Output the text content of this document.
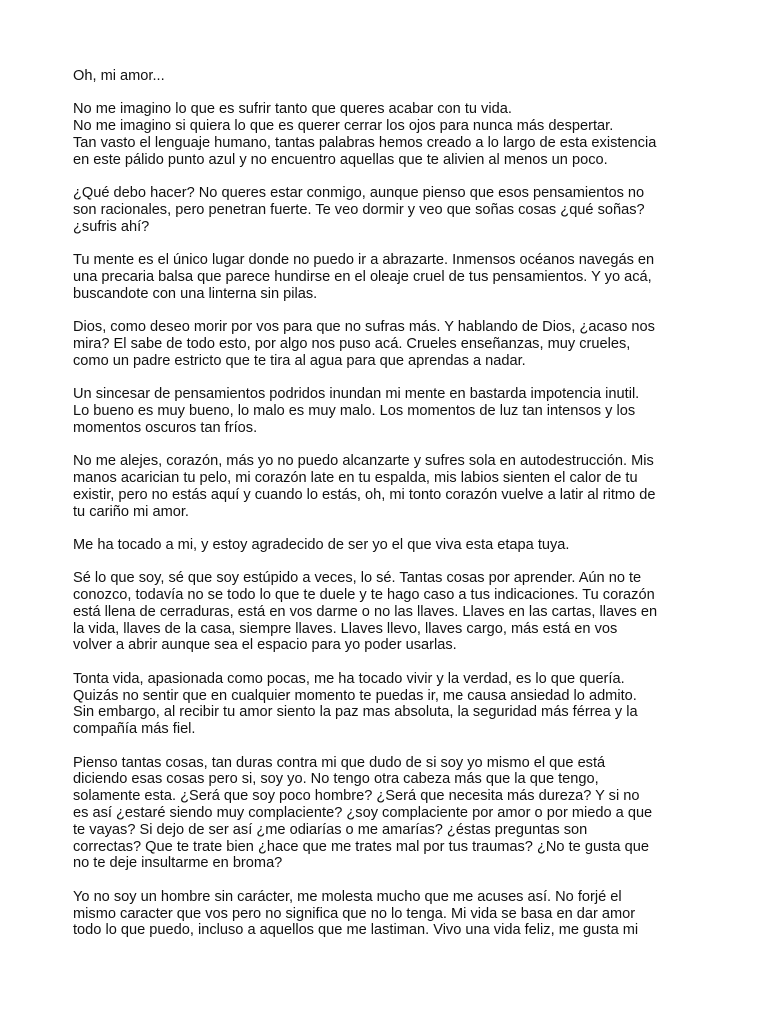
Oh, mi amor...
No me imagino lo que es sufrir tanto que queres acabar con tu vida.
No me imagino si quiera lo que es querer cerrar los ojos para nunca más despertar.
Tan vasto el lenguaje humano, tantas palabras hemos creado a lo largo de esta existencia
en este pálido punto azul y no encuentro aquellas que te alivien al menos un poco.
¿Qué debo hacer? No queres estar conmigo, aunque pienso que esos pensamientos no
son racionales, pero penetran fuerte. Te veo dormir y veo que soñas cosas ¿qué soñas?
¿sufris ahí?
Tu mente es el único lugar donde no puedo ir a abrazarte. Inmensos océanos navegás en
una precaria balsa que parece hundirse en el oleaje cruel de tus pensamientos. Y yo acá,
buscandote con una linterna sin pilas.
Dios, como deseo morir por vos para que no sufras más. Y hablando de Dios, ¿acaso nos
mira? El sabe de todo esto, por algo nos puso acá. Crueles enseñanzas, muy crueles,
como un padre estricto que te tira al agua para que aprendas a nadar.
Un sincesar de pensamientos podridos inundan mi mente en bastarda impotencia inutil.
Lo bueno es muy bueno, lo malo es muy malo. Los momentos de luz tan intensos y los
momentos oscuros tan fríos.
No me alejes, corazón, más yo no puedo alcanzarte y sufres sola en autodestrucción. Mis
manos acarician tu pelo, mi corazón late en tu espalda, mis labios sienten el calor de tu
existir, pero no estás aquí y cuando lo estás, oh, mi tonto corazón vuelve a latir al ritmo de
tu cariño mi amor.
Me ha tocado a mi, y estoy agradecido de ser yo el que viva esta etapa tuya.
Sé lo que soy, sé que soy estúpido a veces, lo sé. Tantas cosas por aprender. Aún no te
conozco, todavía no se todo lo que te duele y te hago caso a tus indicaciones. Tu corazón
está llena de cerraduras, está en vos darme o no las llaves. Llaves en las cartas, llaves en
la vida, llaves de la casa, siempre llaves. Llaves llevo, llaves cargo, más está en vos
volver a abrir aunque sea el espacio para yo poder usarlas.
Tonta vida, apasionada como pocas, me ha tocado vivir y la verdad, es lo que quería.
Quizás no sentir que en cualquier momento te puedas ir, me causa ansiedad lo admito.
Sin embargo, al recibir tu amor siento la paz mas absoluta, la seguridad más férrea y la
compañía más fiel.
Pienso tantas cosas, tan duras contra mi que dudo de si soy yo mismo el que está
diciendo esas cosas pero si, soy yo. No tengo otra cabeza más que la que tengo,
solamente esta. ¿Será que soy poco hombre? ¿Será que necesita más dureza? Y si no
es así ¿estaré siendo muy complaciente? ¿soy complaciente por amor o por miedo a que
te vayas? Si dejo de ser así ¿me odiarías o me amarías? ¿éstas preguntas son
correctas? Que te trate bien ¿hace que me trates mal por tus traumas? ¿No te gusta que
no te deje insultarme en broma?
Yo no soy un hombre sin carácter, me molesta mucho que me acuses así. No forjé el
mismo caracter que vos pero no significa que no lo tenga. Mi vida se basa en dar amor
todo lo que puedo, incluso a aquellos que me lastiman. Vivo una vida feliz, me gusta mi
